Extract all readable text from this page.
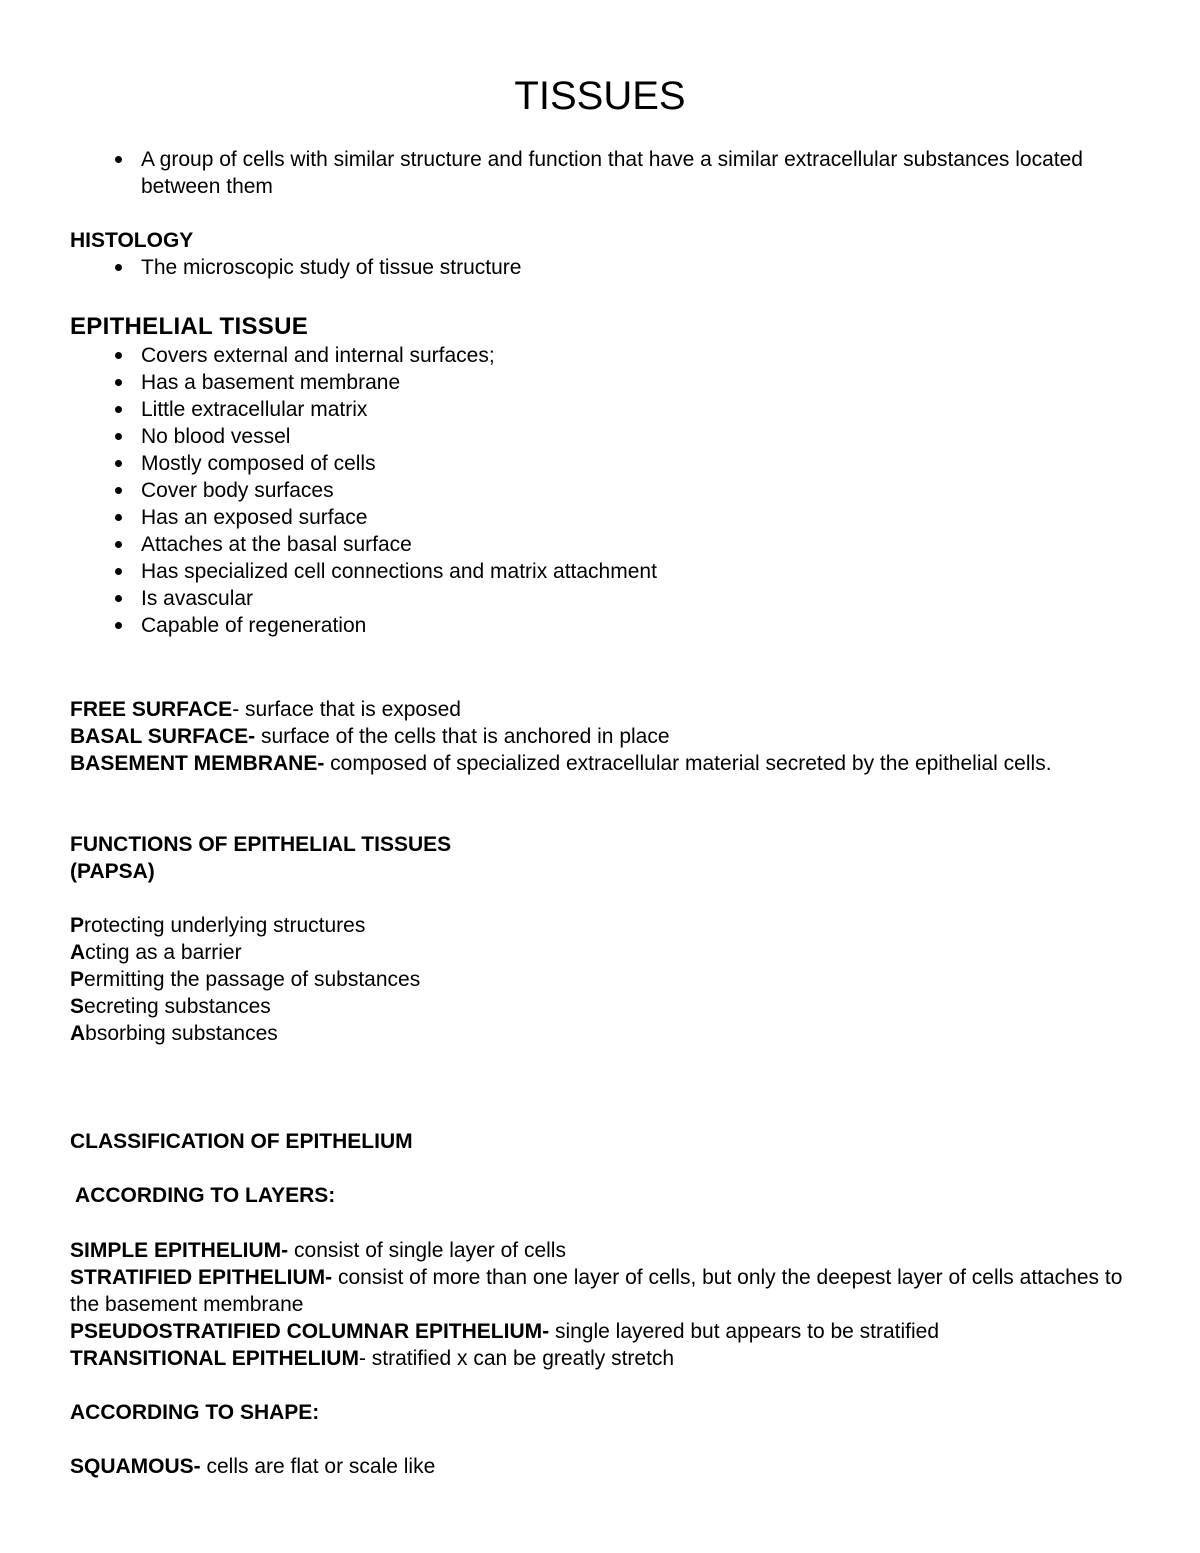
TISSUES
A group of cells with similar structure and function that have a similar extracellular substances located between them
HISTOLOGY
The microscopic study of tissue structure
EPITHELIAL TISSUE
Covers external and internal surfaces;
Has a basement membrane
Little extracellular matrix
No blood vessel
Mostly composed of cells
Cover body surfaces
Has an exposed surface
Attaches at the basal surface
Has specialized cell connections and matrix attachment
Is avascular
Capable of regeneration
FREE SURFACE- surface that is exposed
BASAL SURFACE- surface of the cells that is anchored in place
BASEMENT MEMBRANE- composed of specialized extracellular material secreted by the epithelial cells.
FUNCTIONS OF EPITHELIAL TISSUES
(PAPSA)
Protecting underlying structures
Acting as a barrier
Permitting the passage of substances
Secreting substances
Absorbing substances
CLASSIFICATION OF EPITHELIUM
ACCORDING TO LAYERS:
SIMPLE EPITHELIUM- consist of single layer of cells
STRATIFIED EPITHELIUM- consist of more than one layer of cells, but only the deepest layer of cells attaches to the basement membrane
PSEUDOSTRATIFIED COLUMNAR EPITHELIUM- single layered but appears to be stratified
TRANSITIONAL EPITHELIUM- stratified x can be greatly stretch
ACCORDING TO SHAPE:
SQUAMOUS- cells are flat or scale like
